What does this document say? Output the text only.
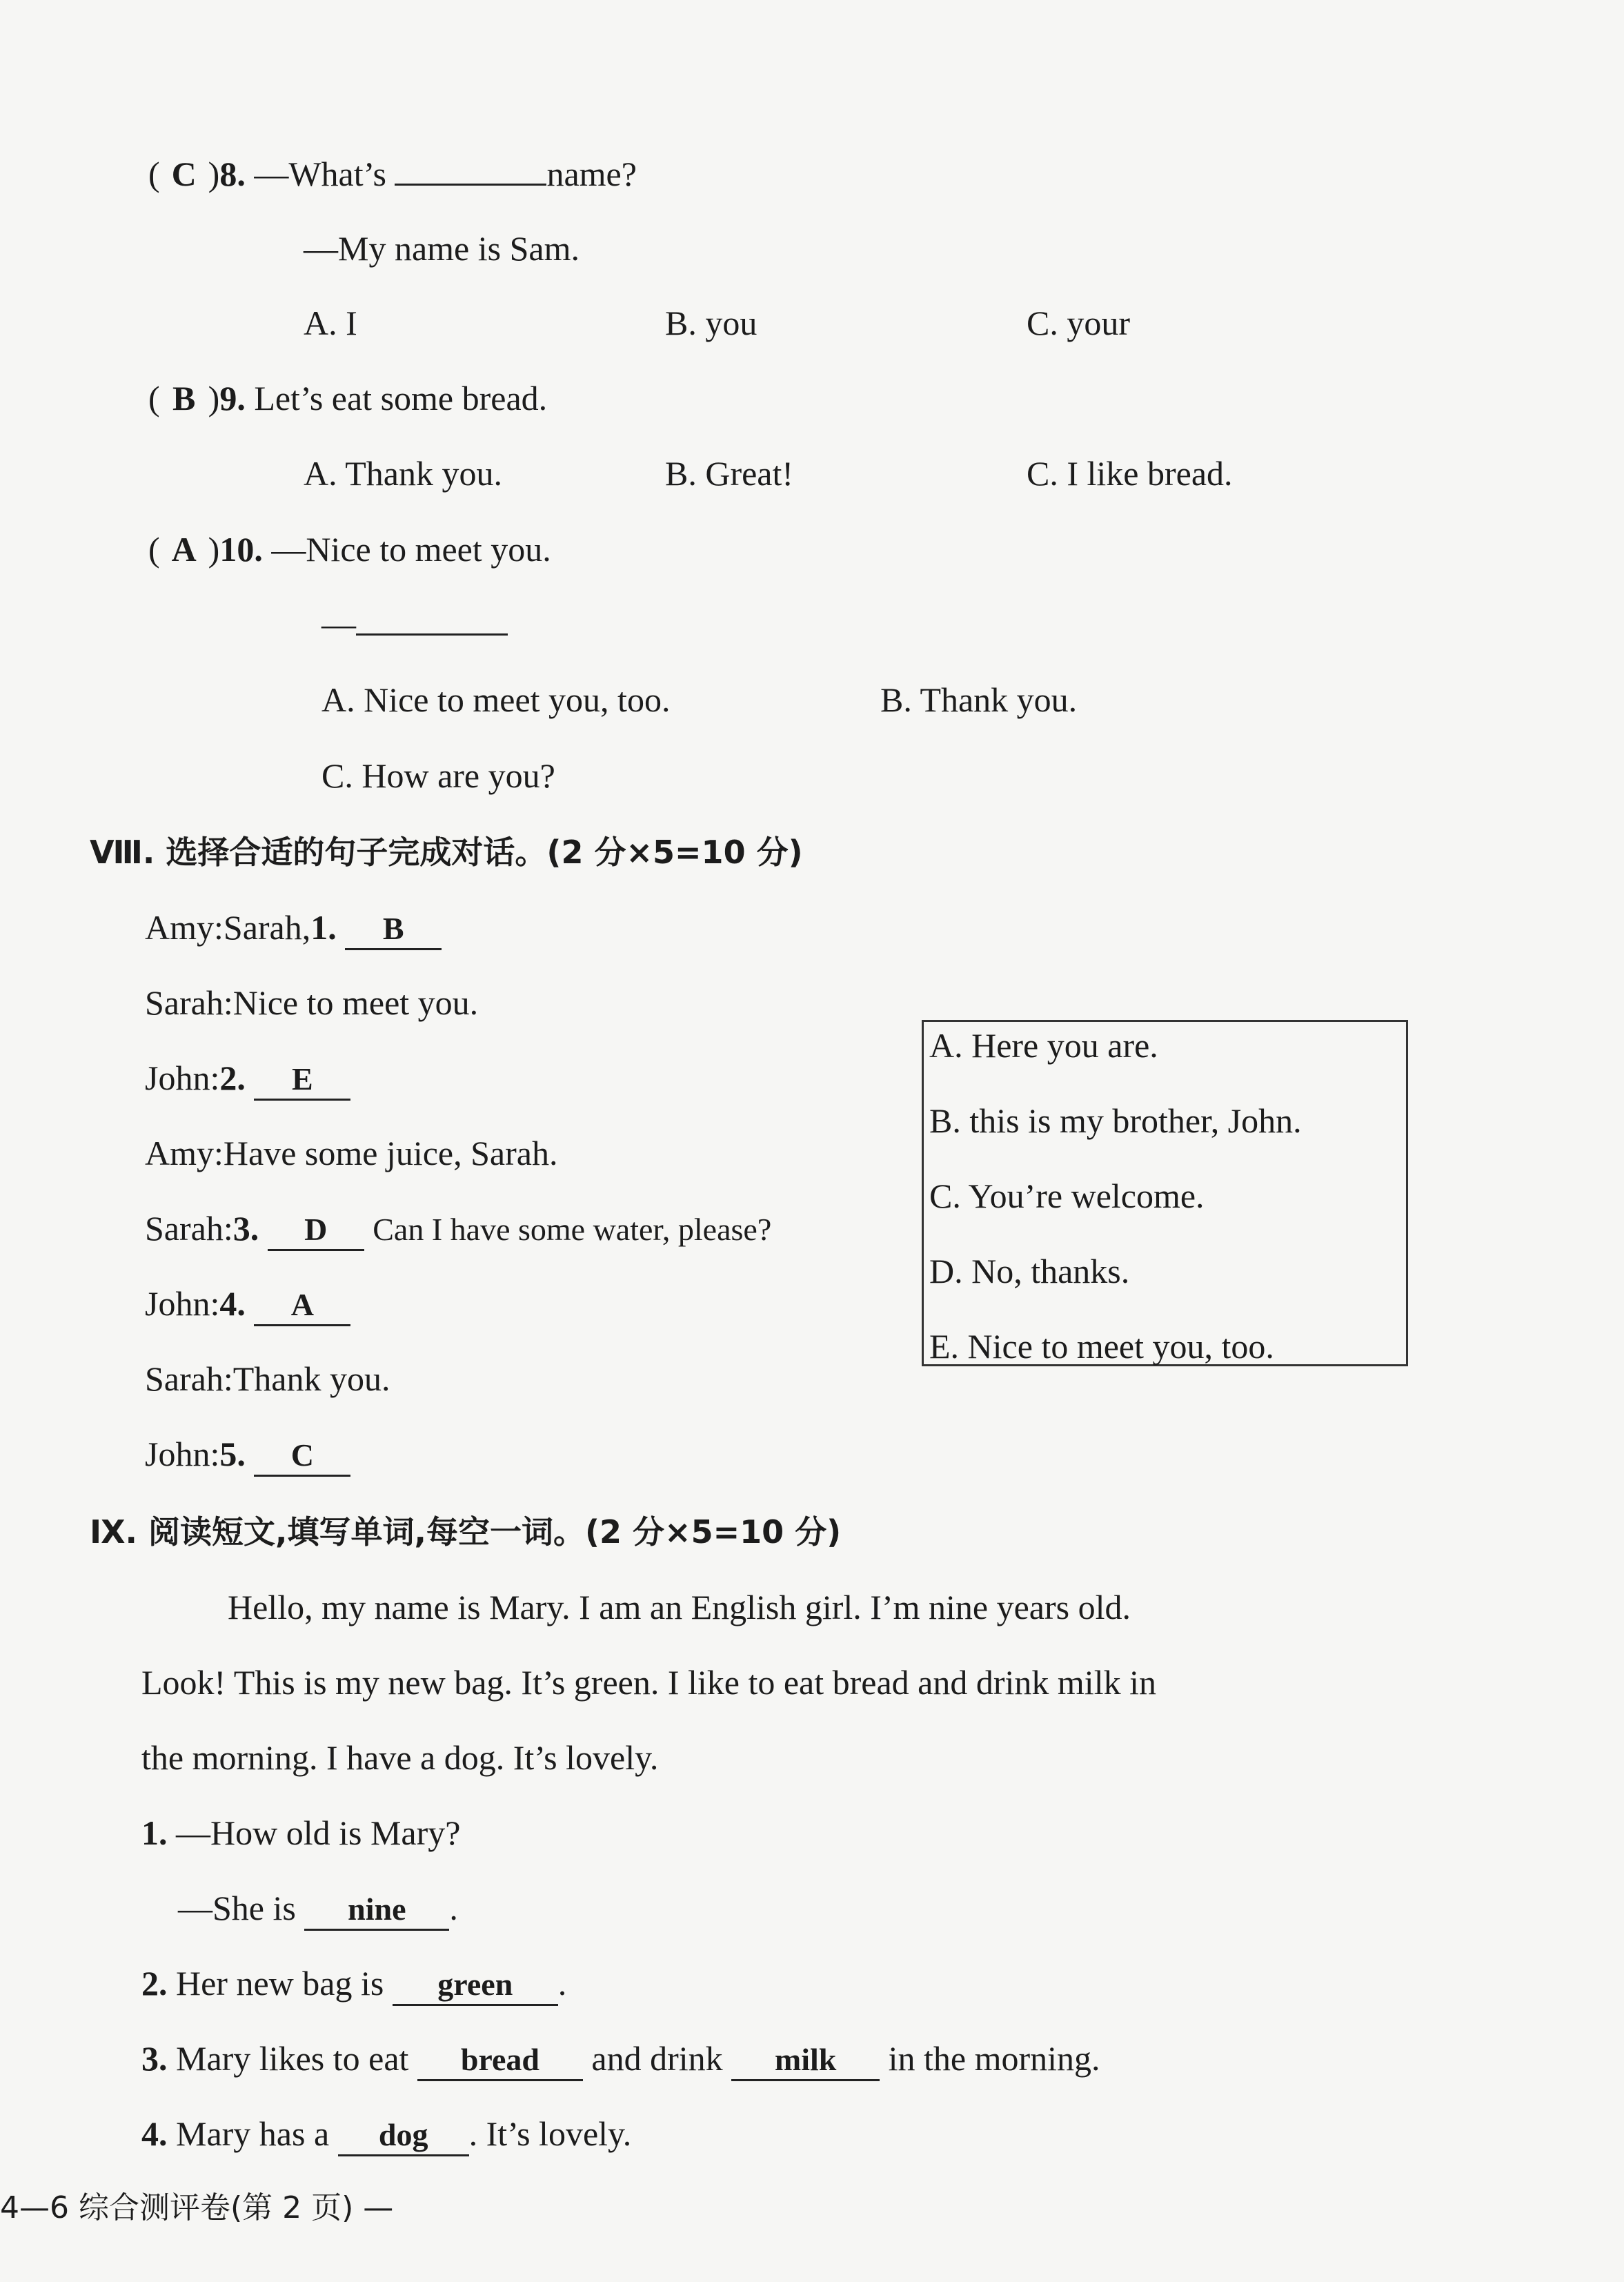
( C )8. —What’s	name?
—My name is Sam.
A. I	B. you	C. your
( B )9. Let’s eat some bread.
A. Thank you.	B. Great!	C. I like bread.
( A )10. —Nice to meet you.
—
A. Nice to meet you, too.	B. Thank you.
C. How are you?
Ⅷ. 选择合适的句子完成对话。(2 分×5=10 分)
Amy:Sarah,1. B
Sarah:Nice to meet you.
John:2. E
Amy:Have some juice, Sarah.
Sarah:3. D Can I have some water, please?
John:4. A
Sarah:Thank you.
John:5. C
A. Here you are.
B. this is my brother, John.
C. You’re welcome.
D. No, thanks.
E. Nice to meet you, too.
Ⅸ. 阅读短文,填写单词,每空一词。(2 分×5=10 分)
Hello, my name is Mary. I am an English girl. I’m nine years old.
Look! This is my new bag. It’s green. I like to eat bread and drink milk in
the morning. I have a dog. It’s lovely.
1. —How old is Mary?
—She is nine .
2. Her new bag is green .
3. Mary likes to eat bread and drink milk in the morning.
4. Mary has a dog . It’s lovely.
4—6 综合测评卷(第 2 页) —
